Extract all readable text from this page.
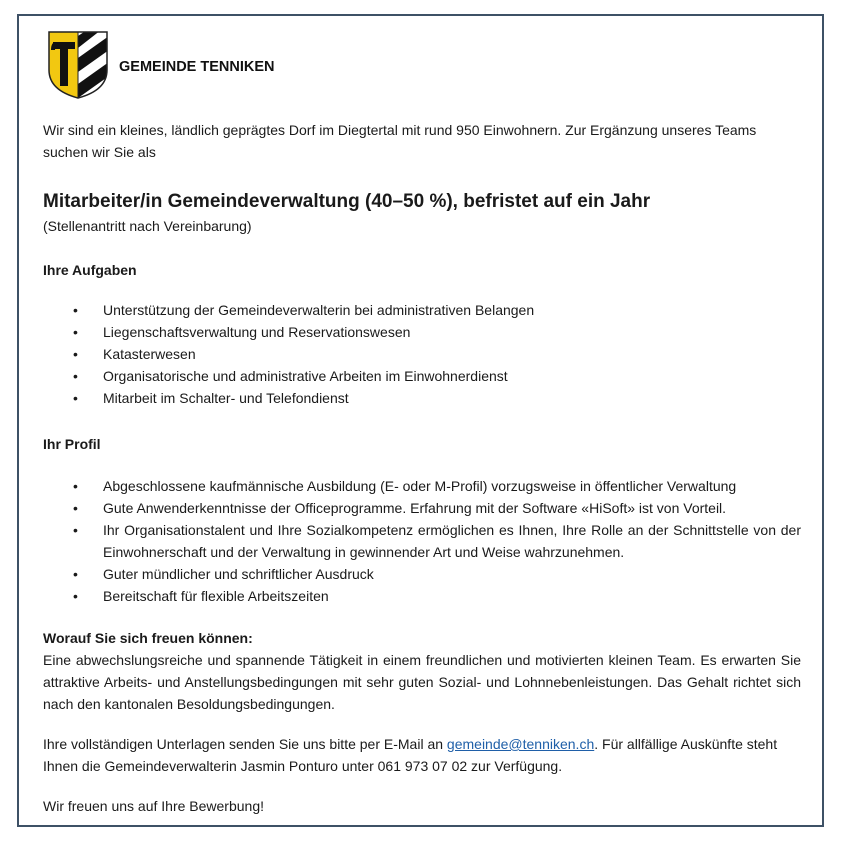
GEMEINDE TENNIKEN
Wir sind ein kleines, ländlich geprägtes Dorf im Diegtertal mit rund 950 Einwohnern. Zur Ergänzung unseres Teams suchen wir Sie als
Mitarbeiter/in Gemeindeverwaltung (40–50 %), befristet auf ein Jahr
(Stellenantritt nach Vereinbarung)
Ihre Aufgaben
• Unterstützung der Gemeindeverwalterin bei administrativen Belangen
• Liegenschaftsverwaltung und Reservationswesen
• Katasterwesen
• Organisatorische und administrative Arbeiten im Einwohnerdienst
• Mitarbeit im Schalter- und Telefondienst
Ihr Profil
• Abgeschlossene kaufmännische Ausbildung (E- oder M-Profil) vorzugsweise in öffentlicher Verwaltung
• Gute Anwenderkenntnisse der Officeprogramme. Erfahrung mit der Software «HiSoft» ist von Vorteil.
• Ihr Organisationstalent und Ihre Sozialkompetenz ermöglichen es Ihnen, Ihre Rolle an der Schnittstelle von der Einwohnerschaft und der Verwaltung in gewinnender Art und Weise wahrzunehmen.
• Guter mündlicher und schriftlicher Ausdruck
• Bereitschaft für flexible Arbeitszeiten
Worauf Sie sich freuen können:
Eine abwechslungsreiche und spannende Tätigkeit in einem freundlichen und motivierten kleinen Team. Es erwarten Sie attraktive Arbeits- und Anstellungsbedingungen mit sehr guten Sozial- und Lohnnebenleistungen. Das Gehalt richtet sich nach den kantonalen Besoldungsbedingungen.
Ihre vollständigen Unterlagen senden Sie uns bitte per E-Mail an gemeinde@tenniken.ch. Für allfällige Auskünfte steht Ihnen die Gemeindeverwalterin Jasmin Ponturo unter 061 973 07 02 zur Verfügung.
Wir freuen uns auf Ihre Bewerbung!
